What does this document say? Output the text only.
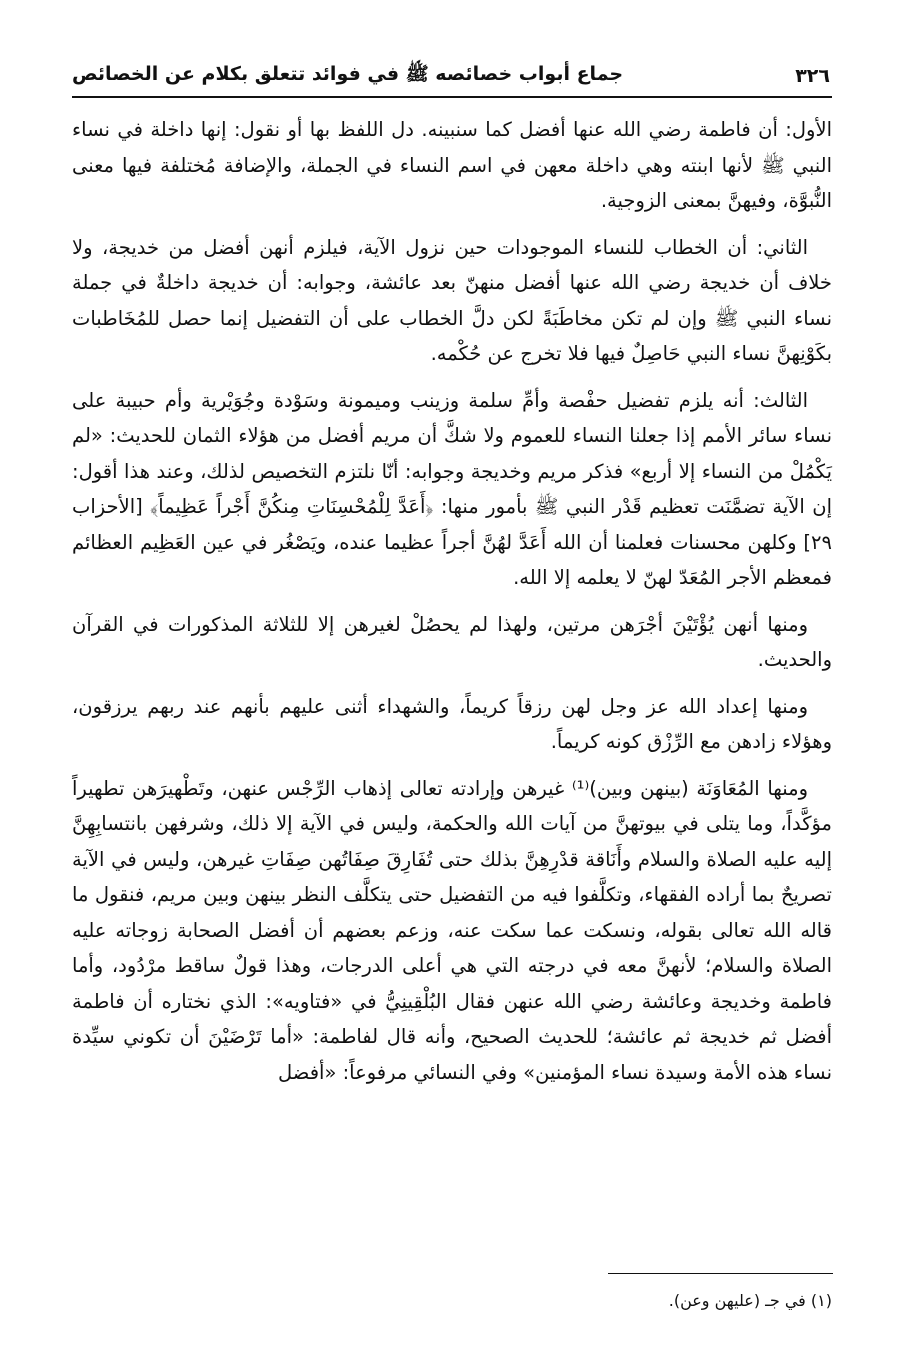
٣٢٦
جماع أبواب خصائصه ﷺ في فوائد تتعلق بكلام عن الخصائص

الأول: أن فاطمة رضي الله عنها أفضل كما سنبينه. دل اللفظ بها أو نقول: إنها داخلة في نساء النبي ﷺ لأنها ابنته وهي داخلة معهن في اسم النساء في الجملة، والإضافة مُختلفة فيها معنى النُّبوَّة، وفيهنَّ بمعنى الزوجية.

الثاني: أن الخطاب للنساء الموجودات حين نزول الآية، فيلزم أنهن أفضل من خديجة، ولا خلاف أن خديجة رضي الله عنها أفضل منهنّ بعد عائشة، وجوابه: أن خديجة داخلةٌ في جملة نساء النبي ﷺ وإن لم تكن مخاطَبَةً لكن دلَّ الخطاب على أن التفضيل إنما حصل للمُخَاطبات بكَوْنِهنَّ نساء النبي حَاصِلٌ فيها فلا تخرج عن حُكْمه.

الثالث: أنه يلزم تفضيل حفْصة وأمِّ سلمة وزينب وميمونة وسَوْدة وجُوَيْرية وأم حبيبة على نساء سائر الأمم إذا جعلنا النساء للعموم ولا شكَّ أن مريم أفضل من هؤلاء الثمان للحديث: «لم يَكْمُلْ من النساء إلا أربع» فذكر مريم وخديجة وجوابه: أنّا نلتزم التخصيص لذلك، وعند هذا أقول: إن الآية تضمَّنَت تعظيم قَدْر النبي ﷺ بأمور منها: ﴿أَعَدَّ لِلْمُحْسِنَاتِ مِنكُنَّ أَجْراً عَظِيماً﴾ [الأحزاب ٢٩] وكلهن محسنات فعلمنا أن الله أَعَدَّ لهُنَّ أجراً عظيما عنده، ويَصْغُر في عين العَظِيم العظائم فمعظم الأجر المُعَدّ لهنّ لا يعلمه إلا الله.

ومنها أنهن يُؤْتَيْنَ أجْرَهن مرتين، ولهذا لم يحصُلْ لغيرهن إلا للثلاثة المذكورات في القرآن والحديث.

ومنها إعداد الله عز وجل لهن رزقاً كريماً، والشهداء أثنى عليهم بأنهم عند ربهم يرزقون، وهؤلاء زادهن مع الرِّزْق كونه كريماً.

ومنها المُعَاوَنَة (بينهن وبين)⁽¹⁾ غيرهن وإرادته تعالى إذهاب الرِّجْس عنهن، وتَطْهيرَهن تطهيراً مؤكَّداً، وما يتلى في بيوتهنَّ من آيات الله والحكمة، وليس في الآية إلا ذلك، وشرفهن بانتسابِهِنَّ إليه عليه الصلاة والسلام وأَنَاقة قدْرِهِنَّ بذلك حتى تُفَارِقَ صِفَاتُهن صِفَاتِ غيرهن، وليس في الآية تصريحٌ بما أراده الفقهاء، وتكلَّفوا فيه من التفضيل حتى يتكلَّف النظر بينهن وبين مريم، فنقول ما قاله الله تعالى بقوله، ونسكت عما سكت عنه، وزعم بعضهم أن أفضل الصحابة زوجاته عليه الصلاة والسلام؛ لأنهنَّ معه في درجته التي هي أعلى الدرجات، وهذا قولٌ ساقط مرْدُود، وأما فاطمة وخديجة وعائشة رضي الله عنهن فقال البُلْقِينِيُّ في «فتاويه»: الذي نختاره أن فاطمة أفضل ثم خديجة ثم عائشة؛ للحديث الصحيح، وأنه قال لفاطمة: «أما تَرْضَيْنَ أن تكوني سيِّدة نساء هذه الأمة وسيدة نساء المؤمنين» وفي النسائي مرفوعاً: «أفضل

(١) في جـ (عليهن وعن).
